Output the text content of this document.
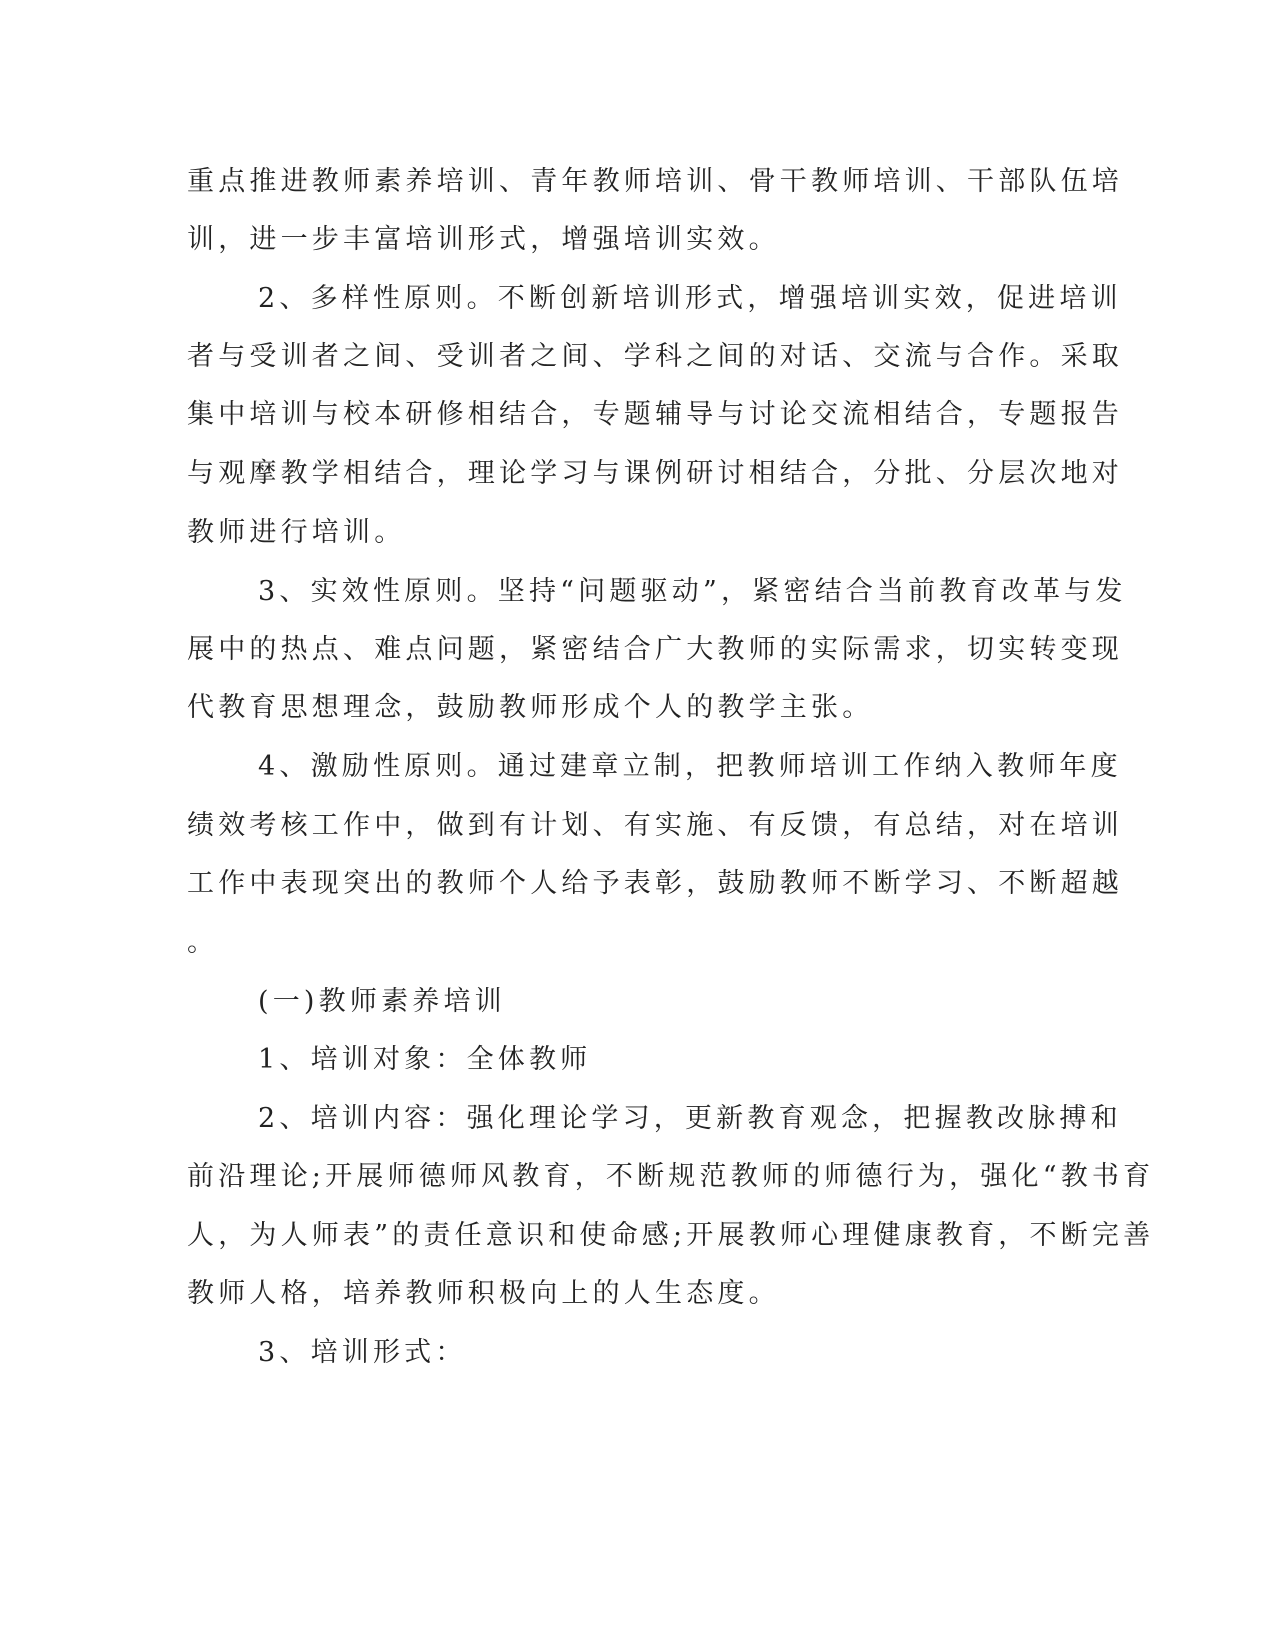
重点推进教师素养培训、青年教师培训、骨干教师培训、干部队伍培

训，进一步丰富培训形式，增强培训实效。

2、多样性原则。不断创新培训形式，增强培训实效，促进培训

者与受训者之间、受训者之间、学科之间的对话、交流与合作。采取

集中培训与校本研修相结合，专题辅导与讨论交流相结合，专题报告

与观摩教学相结合，理论学习与课例研讨相结合，分批、分层次地对

教师进行培训。

3、实效性原则。坚持“问题驱动”，紧密结合当前教育改革与发

展中的热点、难点问题，紧密结合广大教师的实际需求，切实转变现

代教育思想理念，鼓励教师形成个人的教学主张。

4、激励性原则。通过建章立制，把教师培训工作纳入教师年度

绩效考核工作中，做到有计划、有实施、有反馈，有总结，对在培训

工作中表现突出的教师个人给予表彰，鼓励教师不断学习、不断超越

。

(一)教师素养培训

1、培训对象：全体教师

2、培训内容：强化理论学习，更新教育观念，把握教改脉搏和

前沿理论;开展师德师风教育，不断规范教师的师德行为，强化“教书育

人，为人师表”的责任意识和使命感;开展教师心理健康教育，不断完善

教师人格，培养教师积极向上的人生态度。

3、培训形式：
